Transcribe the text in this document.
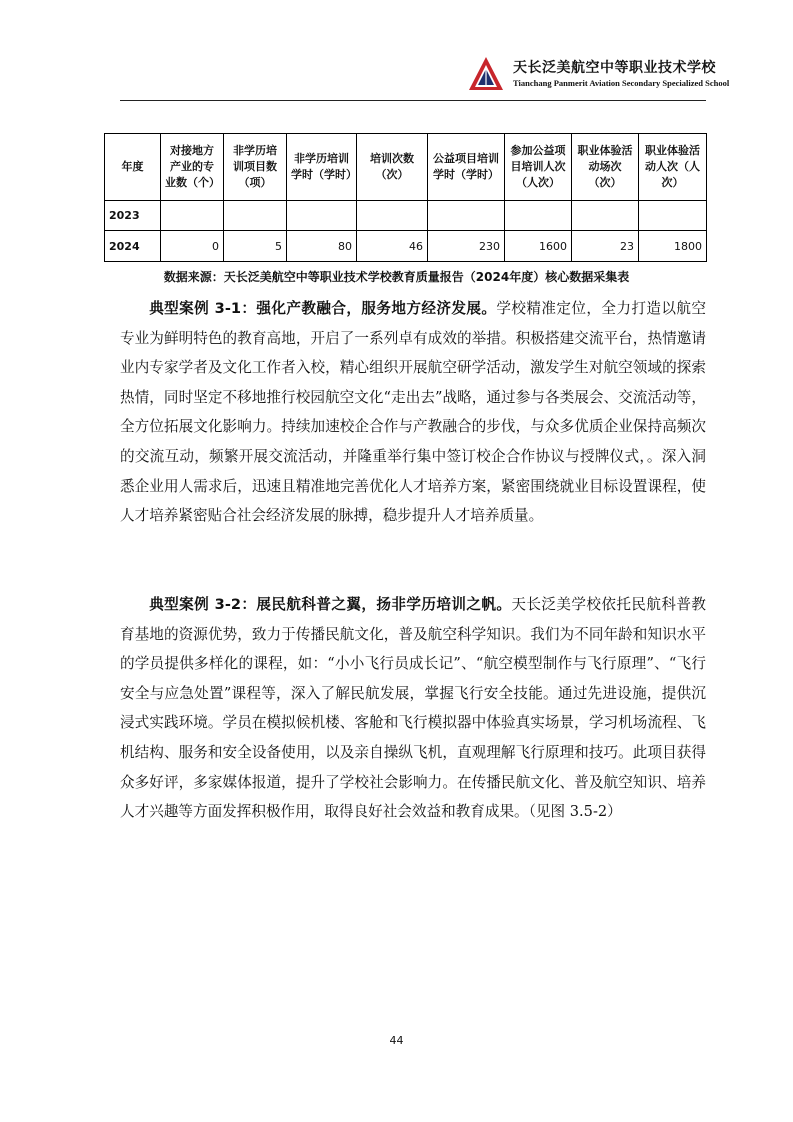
天长泛美航空中等职业技术学校
Tianchang Panmerit Aviation Secondary Specialized School
年度	对接地方产业的专业数（个）	非学历培训项目数（项）	非学历培训学时（学时）	培训次数（次）	公益项目培训学时（学时）	参加公益项目培训人次（人次）	职业体验活动场次（次）	职业体验活动人次（人次）
2023								
2024	0	5	80	46	230	1600	23	1800
数据来源：天长泛美航空中等职业技术学校教育质量报告（2024年度）核心数据采集表

典型案例 3-1：强化产教融合，服务地方经济发展。学校精准定位，全力打造以航空专业为鲜明特色的教育高地，开启了一系列卓有成效的举措。积极搭建交流平台，热情邀请业内专家学者及文化工作者入校，精心组织开展航空研学活动，激发学生对航空领域的探索热情，同时坚定不移地推行校园航空文化“走出去”战略，通过参与各类展会、交流活动等，全方位拓展文化影响力。持续加速校企合作与产教融合的步伐，与众多优质企业保持高频次的交流互动，频繁开展交流活动，并隆重举行集中签订校企合作协议与授牌仪式，。深入洞悉企业用人需求后，迅速且精准地完善优化人才培养方案，紧密围绕就业目标设置课程，使人才培养紧密贴合社会经济发展的脉搏，稳步提升人才培养质量。

典型案例 3-2：展民航科普之翼，扬非学历培训之帆。天长泛美学校依托民航科普教育基地的资源优势，致力于传播民航文化，普及航空科学知识。我们为不同年龄和知识水平的学员提供多样化的课程，如：“小小飞行员成长记”、“航空模型制作与飞行原理”、“飞行安全与应急处置”课程等，深入了解民航发展，掌握飞行安全技能。通过先进设施，提供沉浸式实践环境。学员在模拟候机楼、客舱和飞行模拟器中体验真实场景，学习机场流程、飞机结构、服务和安全设备使用，以及亲自操纵飞机，直观理解飞行原理和技巧。此项目获得众多好评，多家媒体报道，提升了学校社会影响力。在传播民航文化、普及航空知识、培养人才兴趣等方面发挥积极作用，取得良好社会效益和教育成果。（见图 3.5-2）

44
